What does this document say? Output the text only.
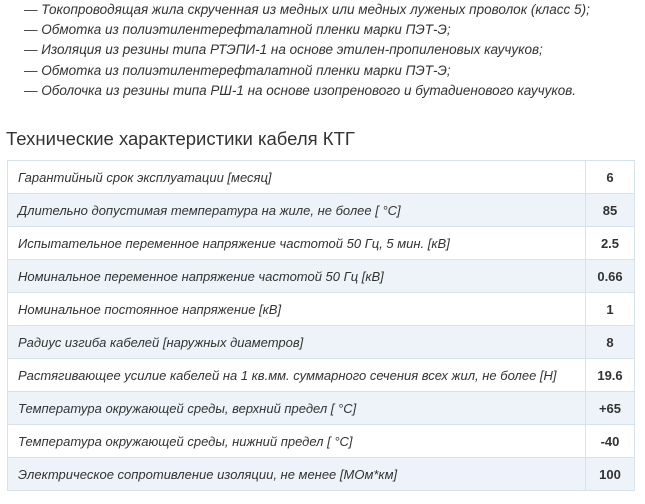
— Токопроводящая жила скрученная из медных или медных луженых проволок (класс 5);
— Обмотка из полиэтилентерефталатной пленки марки ПЭТ-Э;
— Изоляция из резины типа РТЭПИ-1 на основе этилен-пропиленовых каучуков;
— Обмотка из полиэтилентерефталатной пленки марки ПЭТ-Э;
— Оболочка из резины типа РШ-1 на основе изопренового и бутадиенового каучуков.
Технические характеристики кабеля КТГ
Гарантийный срок эксплуатации [месяц]	6
Длительно допустимая температура на жиле, не более [ °C]	85
Испытательное переменное напряжение частотой 50 Гц, 5 мин. [кВ]	2.5
Номинальное переменное напряжение частотой 50 Гц [кВ]	0.66
Номинальное постоянное напряжение [кВ]	1
Радиус изгиба кабелей [наружных диаметров]	8
Растягивающее усилие кабелей на 1 кв.мм. суммарного сечения всех жил, не более [Н]	19.6
Температура окружающей среды, верхний предел [ °C]	+65
Температура окружающей среды, нижний предел [ °C]	-40
Электрическое сопротивление изоляции, не менее [МОм*км]	100
